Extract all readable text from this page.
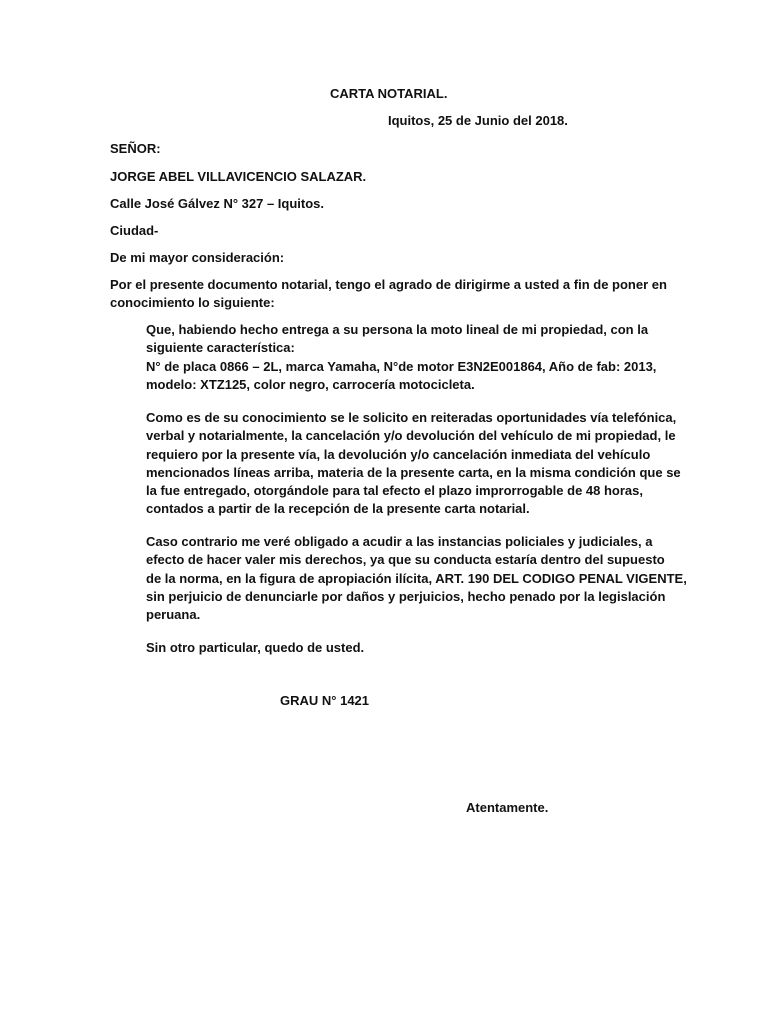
CARTA NOTARIAL.
Iquitos, 25 de Junio del 2018.
SEÑOR:
JORGE ABEL VILLAVICENCIO SALAZAR.
Calle José Gálvez N° 327 – Iquitos.
Ciudad-
De mi mayor consideración:
Por el presente documento notarial, tengo el agrado de dirigirme a usted a fin de poner en
conocimiento lo siguiente:
Que, habiendo hecho entrega a su persona la moto lineal de mi propiedad, con la
siguiente característica:
N° de placa 0866 – 2L, marca Yamaha, N°de motor E3N2E001864, Año de fab: 2013,
modelo: XTZ125, color negro, carrocería motocicleta.
Como es de su conocimiento se le solicito en reiteradas oportunidades vía telefónica,
verbal y notarialmente, la cancelación y/o devolución del vehículo de mi propiedad, le
requiero por la presente vía, la devolución y/o cancelación inmediata del vehículo
mencionados líneas arriba, materia de la presente carta, en la misma condición que se
la fue entregado, otorgándole para tal efecto el plazo improrrogable de 48 horas,
contados a partir de la recepción de la presente carta notarial.
Caso contrario me veré obligado a acudir a las instancias policiales y judiciales, a
efecto de hacer valer mis derechos, ya que su conducta estaría dentro del supuesto
de la norma, en la figura de apropiación ilícita, ART. 190 DEL CODIGO PENAL VIGENTE,
sin perjuicio de denunciarle por daños y perjuicios, hecho penado por la legislación
peruana.
Sin otro particular, quedo de usted.
GRAU N° 1421
Atentamente.
